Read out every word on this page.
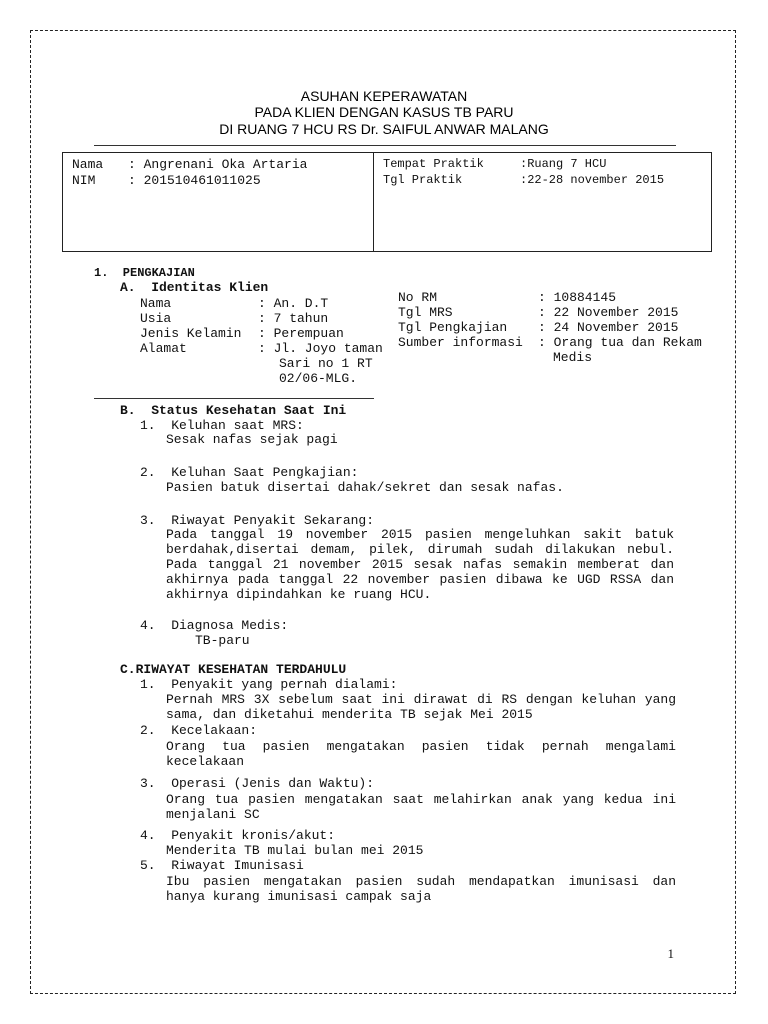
ASUHAN KEPERAWATAN
PADA KLIEN DENGAN KASUS TB PARU
DI RUANG 7 HCU RS Dr. SAIFUL ANWAR MALANG
Nama : Angrenani Oka Artaria
NIM	: 201510461011025
Tempat Praktik	:Ruang 7 HCU
Tgl Praktik	:22-28 november 2015
1.  PENGKAJIAN
A.  Identitas Klien
Nama	: An. D.T
Usia	: 7 tahun
Jenis Kelamin : Perempuan
Alamat	: Jl. Joyo taman
Sari no 1 RT
02/06-MLG.
No RM	: 10884145
Tgl MRS	: 22 November 2015
Tgl Pengkajian : 24 November 2015
Sumber informasi : Orang tua dan Rekam
Medis
B.  Status Kesehatan Saat Ini
1.  Keluhan saat MRS:
Sesak nafas sejak pagi
2.  Keluhan Saat Pengkajian:
Pasien batuk disertai dahak/sekret dan sesak nafas.
3.  Riwayat Penyakit Sekarang:
Pada tanggal 19 november 2015 pasien mengeluhkan sakit batuk berdahak,disertai demam, pilek, dirumah sudah dilakukan nebul. Pada tanggal 21 november 2015 sesak nafas semakin memberat dan akhirnya pada tanggal 22 november pasien dibawa ke UGD RSSA dan akhirnya dipindahkan ke ruang HCU.
4.  Diagnosa Medis:
TB-paru
C.RIWAYAT KESEHATAN TERDAHULU
1.  Penyakit yang pernah dialami:
Pernah MRS 3X sebelum saat ini dirawat di RS dengan keluhan yang sama, dan diketahui menderita TB sejak Mei 2015
2.  Kecelakaan:
Orang tua pasien mengatakan pasien tidak pernah mengalami kecelakaan
3.  Operasi (Jenis dan Waktu):
Orang tua pasien mengatakan saat melahirkan anak yang kedua ini menjalani SC
4.  Penyakit kronis/akut:
Menderita TB mulai bulan mei 2015
5.  Riwayat Imunisasi
Ibu pasien mengatakan pasien sudah mendapatkan imunisasi dan hanya kurang imunisasi campak saja
1
